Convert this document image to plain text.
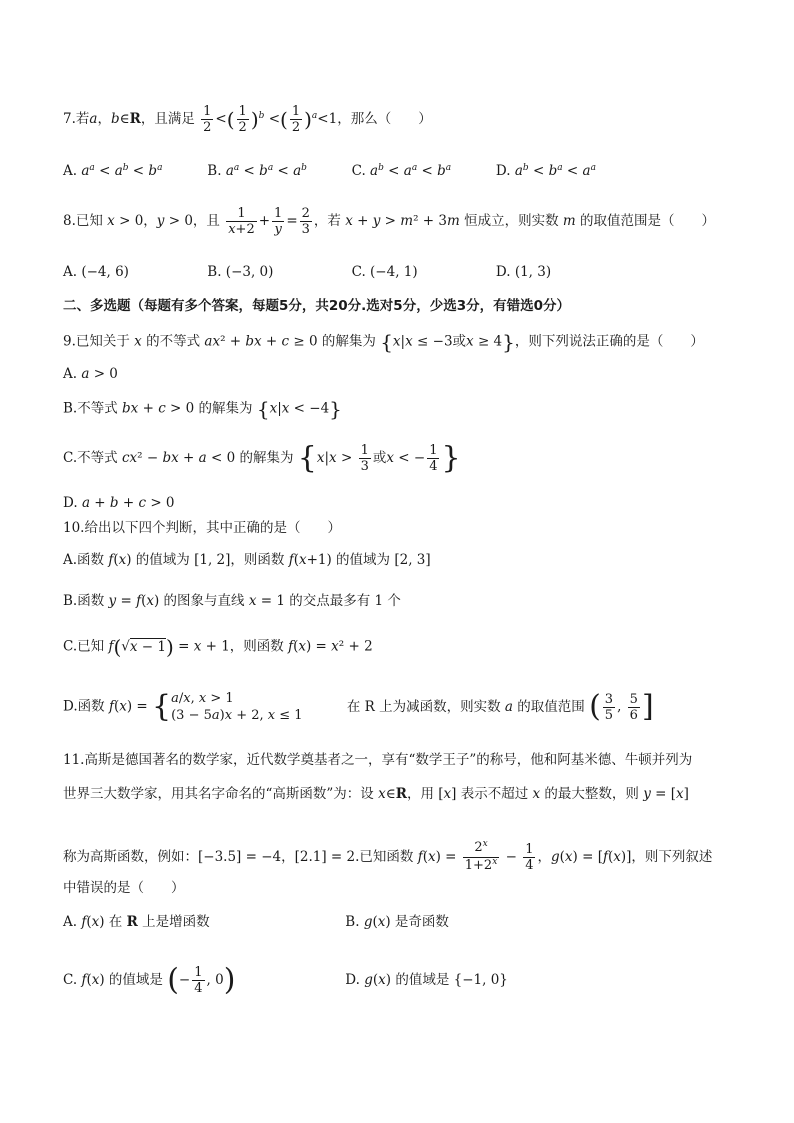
7.若a，b∈R，且满足 $\frac{1}{2}$ <( $\frac{1}{2} )^b$ <( $\frac{1}{2} )^a<1$，那么（　　）
A. $a^a < a^b < b^a$	B. $a^a < b^a < a^b$	C. $a^b < a^a < b^a$	D. $a^b < b^a < a^a$
8.已知 x > 0，y > 0，且 $\frac{1}{x+2} + \frac{1}{y} = \frac{2}{3}$ ，若 x + y > m² + 3m 恒成立，则实数 m 的取值范围是（　　）
A. (−4, 6)	B. (−3, 0)	C. (−4, 1)	D. (1, 3)
二、多选题（每题有多个答案，每题5分，共20分.选对5分，少选3分，有错选0分）
9.已知关于 x 的不等式 ax² + bx + c ≥ 0 的解集为 {x|x ≤ −3或x ≥ 4}，则下列说法正确的是（　　）
A. a > 0
B.不等式 bx + c > 0 的解集为 {x|x < −4}
C.不等式 cx² − bx + a < 0 的解集为 {$x|x > \frac{1}{3}$ 或x < − $\frac{1}{4}$ }
D. a + b + c > 0
10.给出以下四个判断，其中正确的是（　　）
A.函数 f(x) 的值域为 [1, 2]，则函数 f(x+1) 的值域为 [2, 3]
B.函数 y = f(x) 的图象与直线 x = 1 的交点最多有 1 个
C.已知 f(√x − 1) = x + 1，则函数 f(x) = x² + 2
D.函数 f(x) = { a/x, x > 1
(3 − 5a)x + 2, x ≤ 1
在 R 上为减函数，则实数 a 的取值范围 ( $\frac{3}{5}$ , $\frac{5}{6}$ ]
11.高斯是德国著名的数学家，近代数学奠基者之一，享有“数学王子”的称号，他和阿基米德、牛顿并列为
世界三大数学家，用其名字命名的“高斯函数”为：设 x∈R，用 [x] 表示不超过 x 的最大整数，则 y = [x]
称为高斯函数，例如：[−3.5] = −4，[2.1] = 2.已知函数 $f(x) = \frac{2^x}{1+2^x} - \frac{1}{4}$ ，g(x) = [f(x)]，则下列叙述
中错误的是（　　）
A. f(x) 在 R 上是增函数	B. g(x) 是奇函数
C. f(x) 的值域是 (− $\frac{1}{4}$ , 0)	D. g(x) 的值域是 {−1, 0}
